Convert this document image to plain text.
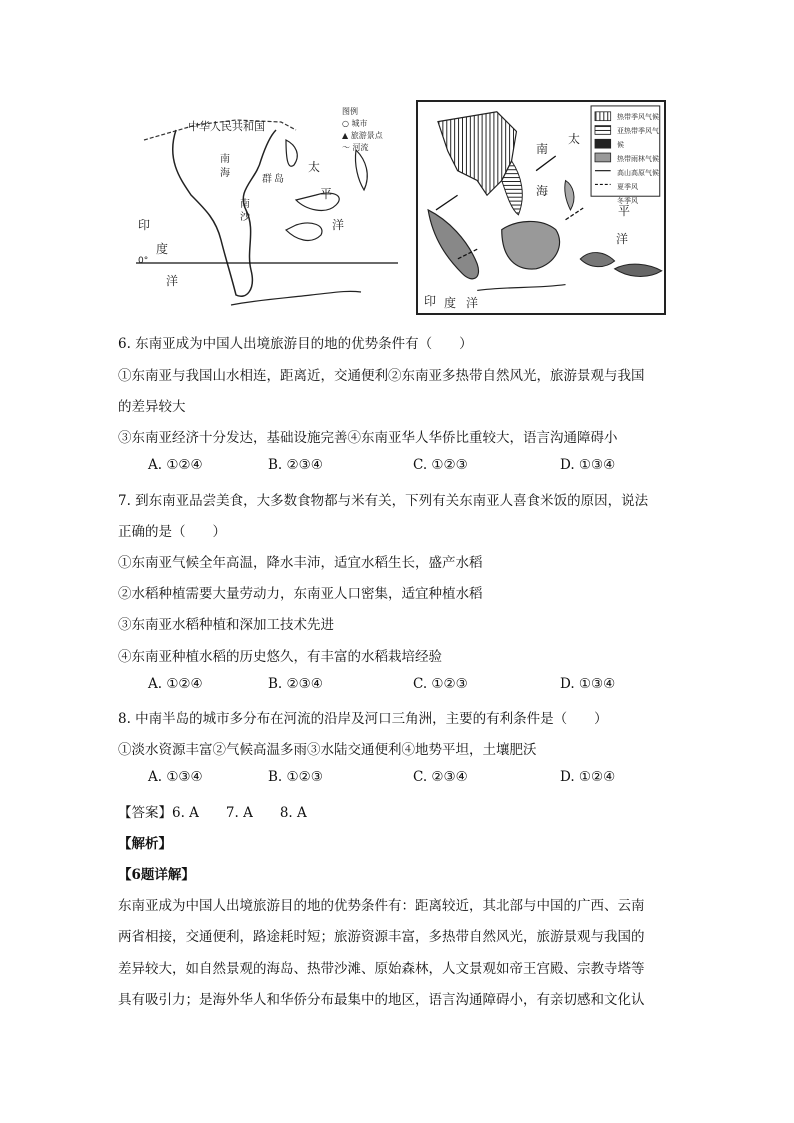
中华人民共和国
图例
○ 城市
▲ 旅游景点
〜 河流
太
平
洋
印
度
洋
南
海
南
沙
群 岛
0°
热带季风气候
亚热带季风气候
热带雨林气候
高山高原气候
夏季风
冬季风
太
平
洋
印 度 洋
南
海
6. 东南亚成为中国人出境旅游目的地的优势条件有（　　）
①东南亚与我国山水相连，距离近，交通便利②东南亚多热带自然风光，旅游景观与我国
的差异较大
③东南亚经济十分发达，基础设施完善④东南亚华人华侨比重较大，语言沟通障碍小
A. ①②④	B. ②③④	C. ①②③	D. ①③④
7. 到东南亚品尝美食，大多数食物都与米有关，下列有关东南亚人喜食米饭的原因，说法
正确的是（　　）
①东南亚气候全年高温，降水丰沛，适宜水稻生长，盛产水稻
②水稻种植需要大量劳动力，东南亚人口密集，适宜种植水稻
③东南亚水稻种植和深加工技术先进
④东南亚种植水稻的历史悠久，有丰富的水稻栽培经验
A. ①②④	B. ②③④	C. ①②③	D. ①③④
8. 中南半岛的城市多分布在河流的沿岸及河口三角洲，主要的有利条件是（　　）
①淡水资源丰富②气候高温多雨③水陆交通便利④地势平坦，土壤肥沃
A. ①③④	B. ①②③	C. ②③④	D. ①②④
【答案】6. A　　7. A　　8. A
【解析】
【6题详解】
东南亚成为中国人出境旅游目的地的优势条件有：距离较近，其北部与中国的广西、云南
两省相接，交通便利，路途耗时短；旅游资源丰富，多热带自然风光，旅游景观与我国的
差异较大，如自然景观的海岛、热带沙滩、原始森林，人文景观如帝王宫殿、宗教寺塔等
具有吸引力；是海外华人和华侨分布最集中的地区，语言沟通障碍小，有亲切感和文化认
